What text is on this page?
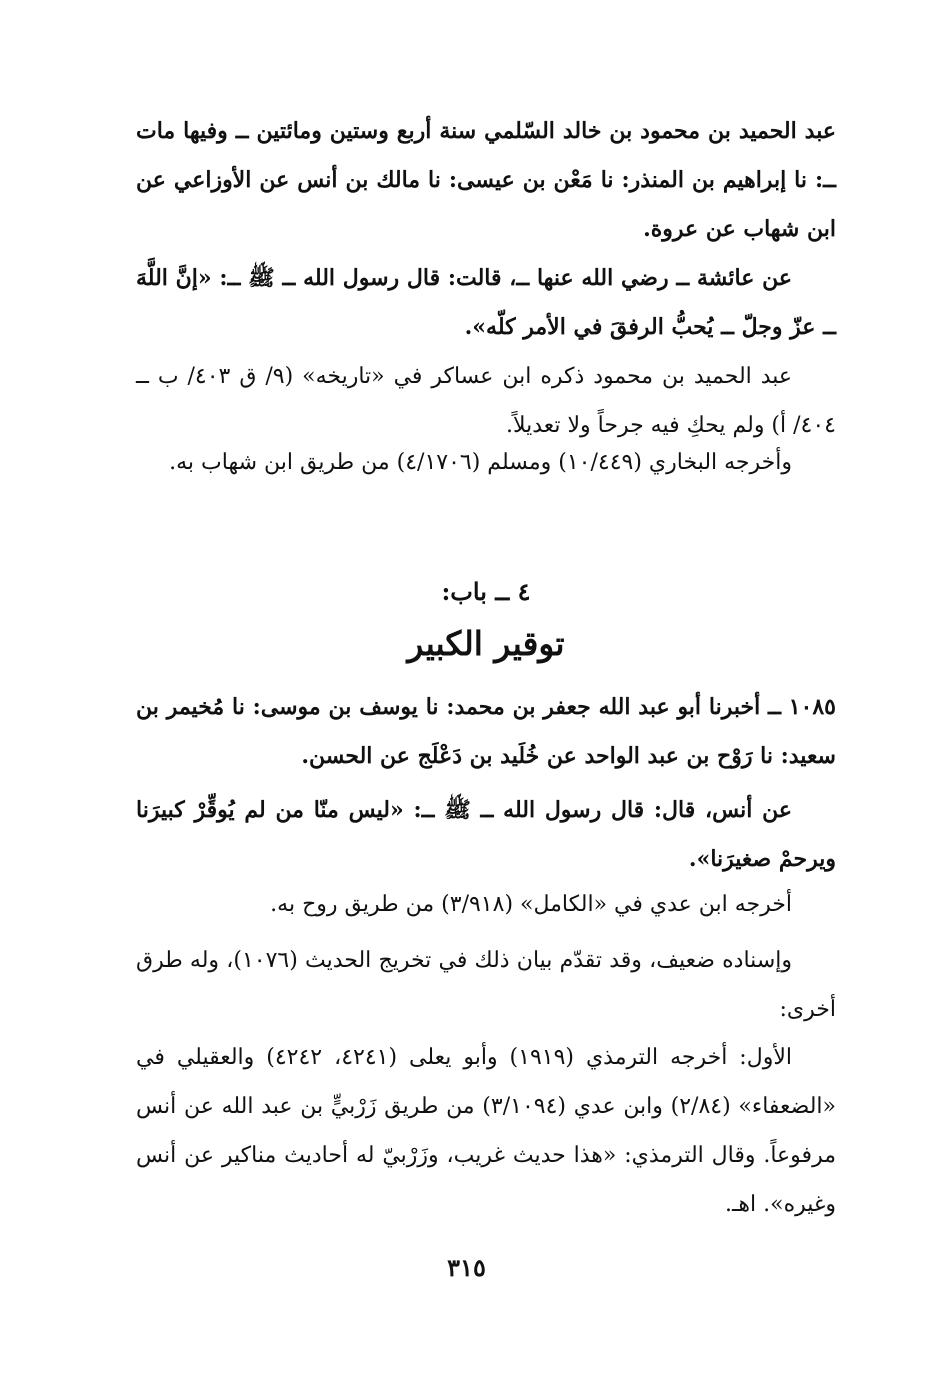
عبد الحميد بن محمود بن خالد السّلمي سنة أربع وستين ومائتين ــ وفيها مات ــ: نا إبراهيم بن المنذر: نا مَعْن بن عيسى: نا مالك بن أنس عن الأوزاعي عن ابن شهاب عن عروة.

عن عائشة ــ رضي الله عنها ــ، قالت: قال رسول الله ــ ﷺ ــ: «إنَّ اللَّهَ ــ عزّ وجلّ ــ يُحبُّ الرفقَ في الأمر كلّه».

عبد الحميد بن محمود ذكره ابن عساكر في «تاريخه» (٩/ ق ٤٠٣/ ب ــ ٤٠٤/ أ) ولم يحكِ فيه جرحاً ولا تعديلاً.

وأخرجه البخاري (١٠/٤٤٩) ومسلم (٤/١٧٠٦) من طريق ابن شهاب به.

٤ ــ باب:

توقير الكبير

١٠٨٥ ــ أخبرنا أبو عبد الله جعفر بن محمد: نا يوسف بن موسى: نا مُخيمر بن سعيد: نا رَوْح بن عبد الواحد عن خُلَيد بن دَعْلَج عن الحسن.

عن أنس، قال: قال رسول الله ــ ﷺ ــ: «ليس منّا من لم يُوقِّرْ كبيرَنا ويرحمْ صغيرَنا».

أخرجه ابن عدي في «الكامل» (٣/٩١٨) من طريق روح به.

وإسناده ضعيف، وقد تقدّم بيان ذلك في تخريج الحديث (١٠٧٦)، وله طرق أخرى:

الأول: أخرجه الترمذي (١٩١٩) وأبو يعلى (٤٢٤١، ٤٢٤٢) والعقيلي في «الضعفاء» (٢/٨٤) وابن عدي (٣/١٠٩٤) من طريق زَرْبيٍّ بن عبد الله عن أنس مرفوعاً. وقال الترمذي: «هذا حديث غريب، وزَرْبيّ له أحاديث مناكير عن أنس وغيره». اهـ.

٣١٥
